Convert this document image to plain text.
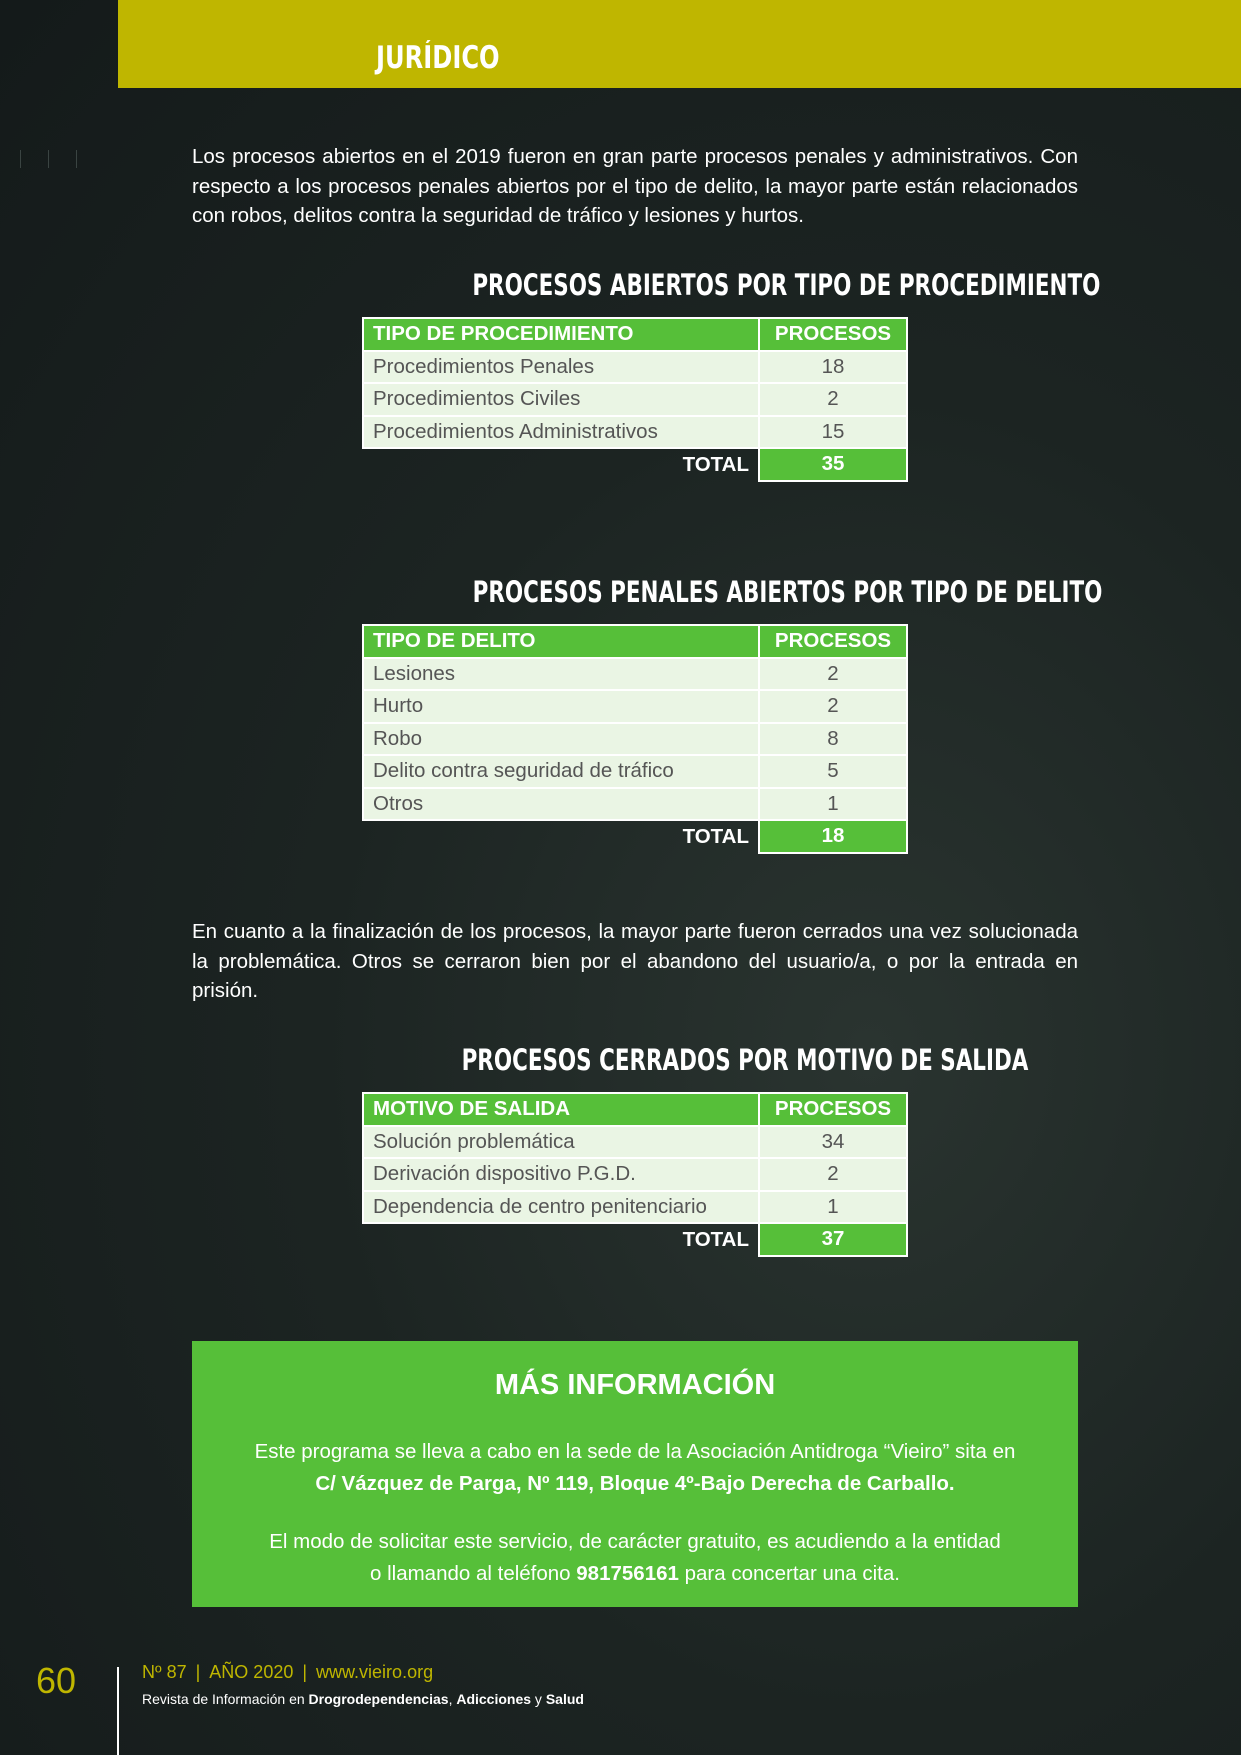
JURÍDICO
Los procesos abiertos en el 2019 fueron en gran parte procesos penales y administrativos. Con respecto a los procesos penales abiertos por el tipo de delito, la mayor parte están relacionados con robos, delitos contra la seguridad de tráfico y lesiones y hurtos.
PROCESOS ABIERTOS POR TIPO DE PROCEDIMIENTO
TIPO DE PROCEDIMIENTO	PROCESOS
Procedimientos Penales	18
Procedimientos Civiles	2
Procedimientos Administrativos	15
TOTAL	35
PROCESOS PENALES ABIERTOS POR TIPO DE DELITO
TIPO DE DELITO	PROCESOS
Lesiones	2
Hurto	2
Robo	8
Delito contra seguridad de tráfico	5
Otros	1
TOTAL	18
En cuanto a la finalización de los procesos, la mayor parte fueron cerrados una vez solucionada la problemática. Otros se cerraron bien por el abandono del usuario/a, o por la entrada en prisión.
PROCESOS CERRADOS POR MOTIVO DE SALIDA
MOTIVO DE SALIDA	PROCESOS
Solución problemática	34
Derivación dispositivo P.G.D.	2
Dependencia de centro penitenciario	1
TOTAL	37
MÁS INFORMACIÓN
Este programa se lleva a cabo en la sede de la Asociación Antidroga “Vieiro” sita en
C/ Vázquez de Parga, Nº 119, Bloque 4º-Bajo Derecha de Carballo.
El modo de solicitar este servicio, de carácter gratuito, es acudiendo a la entidad
o llamando al teléfono 981756161 para concertar una cita.
60	Nº 87 | AÑO 2020 | www.vieiro.org
Revista de Información en Drogrodependencias, Adicciones y Salud
